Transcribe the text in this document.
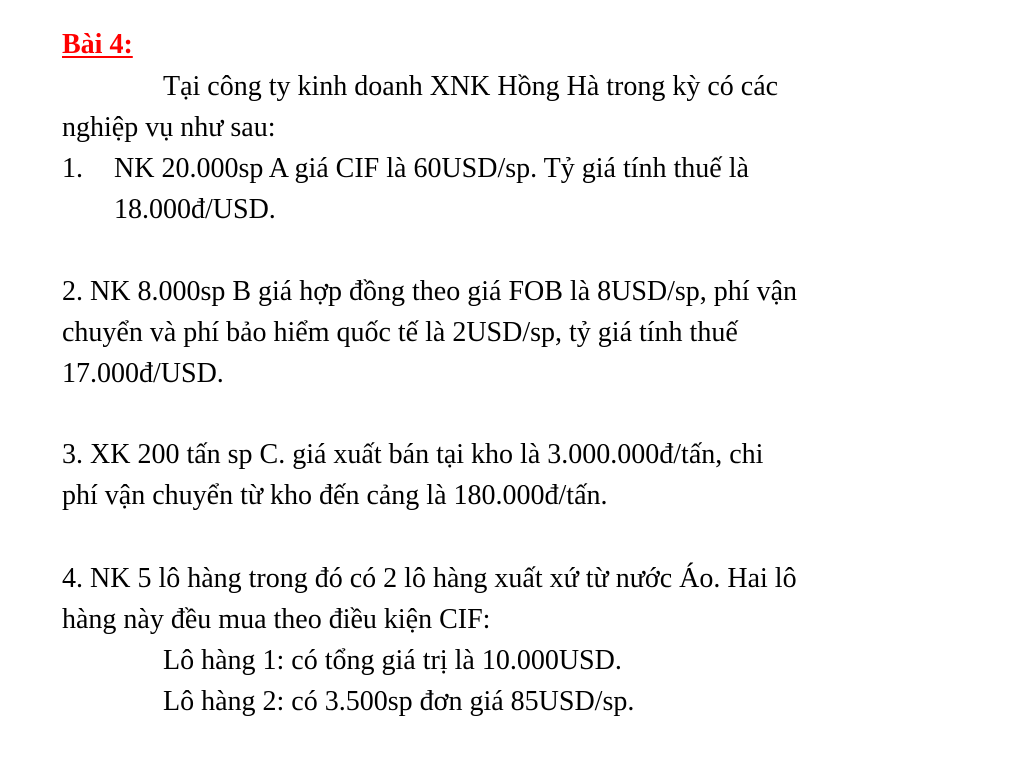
Bài 4:
Tại công ty kinh doanh XNK Hồng Hà trong kỳ có các
nghiệp vụ như sau:
1. NK 20.000sp A giá CIF là 60USD/sp. Tỷ giá tính thuế là
18.000đ/USD.
2. NK 8.000sp B giá hợp đồng theo giá FOB là 8USD/sp, phí vận
chuyển và phí bảo hiểm quốc tế là 2USD/sp, tỷ giá tính thuế
17.000đ/USD.
3. XK 200 tấn sp C. giá xuất bán tại kho là 3.000.000đ/tấn, chi
phí vận chuyển từ kho đến cảng là 180.000đ/tấn.
4. NK 5 lô hàng trong đó có 2 lô hàng xuất xứ từ nước Áo. Hai lô
hàng này đều mua theo điều kiện CIF:
Lô hàng 1: có tổng giá trị là 10.000USD.
Lô hàng 2: có 3.500sp đơn giá 85USD/sp.
